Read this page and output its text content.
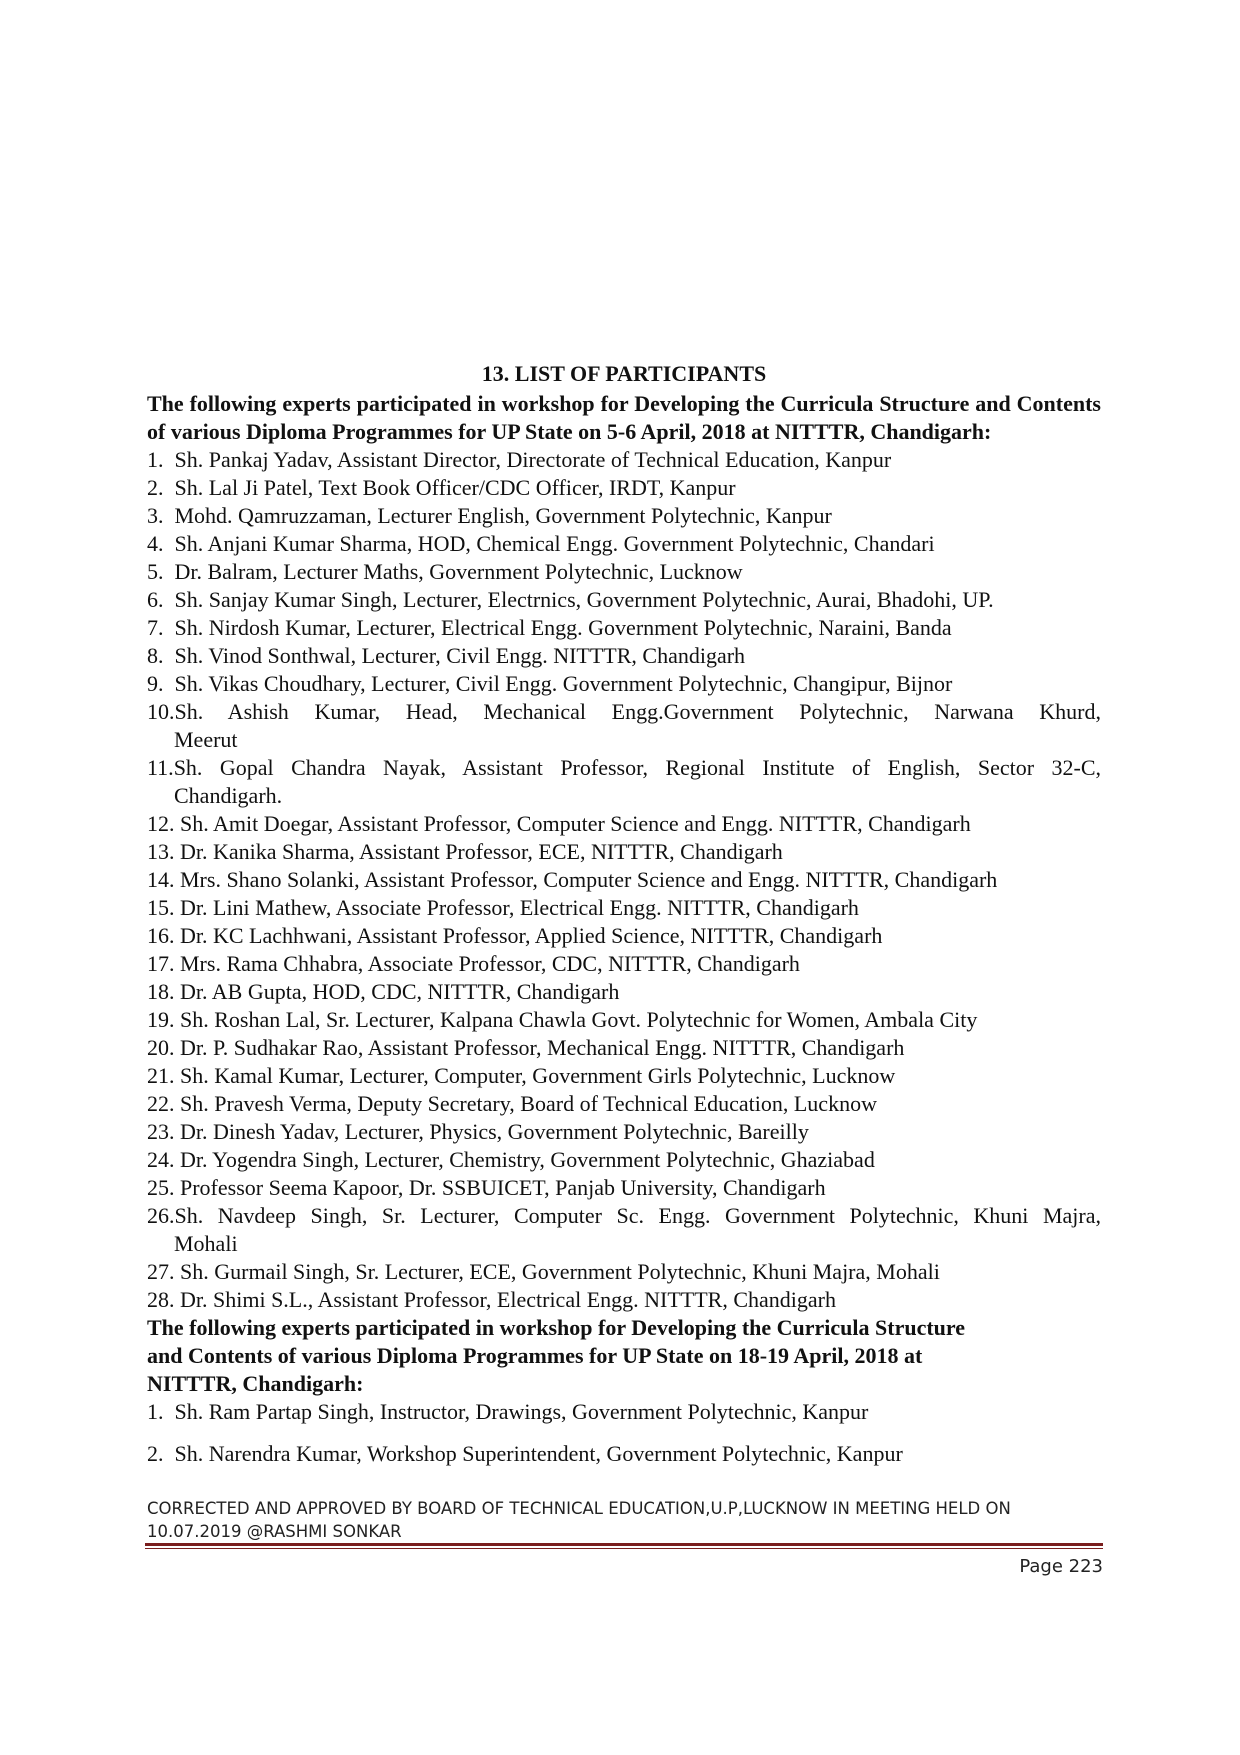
13. LIST OF PARTICIPANTS

The following experts participated in workshop for Developing the Curricula Structure and Contents of various Diploma Programmes for UP State on 5-6 April, 2018 at NITTTR, Chandigarh:

1. Sh. Pankaj Yadav, Assistant Director, Directorate of Technical Education, Kanpur
2. Sh. Lal Ji Patel, Text Book Officer/CDC Officer, IRDT, Kanpur
3. Mohd. Qamruzzaman, Lecturer English, Government Polytechnic, Kanpur
4. Sh. Anjani Kumar Sharma, HOD, Chemical Engg. Government Polytechnic, Chandari
5. Dr. Balram, Lecturer Maths, Government Polytechnic, Lucknow
6. Sh. Sanjay Kumar Singh, Lecturer, Electrnics, Government Polytechnic, Aurai, Bhadohi, UP.
7. Sh. Nirdosh Kumar, Lecturer, Electrical Engg. Government Polytechnic, Naraini, Banda
8. Sh. Vinod Sonthwal, Lecturer, Civil Engg. NITTTR, Chandigarh
9. Sh. Vikas Choudhary, Lecturer, Civil Engg. Government Polytechnic, Changipur, Bijnor
10. Sh. Ashish Kumar, Head, Mechanical Engg.Government Polytechnic, Narwana Khurd,
Meerut
11. Sh. Gopal Chandra Nayak, Assistant Professor, Regional Institute of English, Sector 32-C,
Chandigarh.
12. Sh. Amit Doegar, Assistant Professor, Computer Science and Engg. NITTTR, Chandigarh
13. Dr. Kanika Sharma, Assistant Professor, ECE, NITTTR, Chandigarh
14. Mrs. Shano Solanki, Assistant Professor, Computer Science and Engg. NITTTR, Chandigarh
15. Dr. Lini Mathew, Associate Professor, Electrical Engg. NITTTR, Chandigarh
16. Dr. KC Lachhwani, Assistant Professor, Applied Science, NITTTR, Chandigarh
17. Mrs. Rama Chhabra, Associate Professor, CDC, NITTTR, Chandigarh
18. Dr. AB Gupta, HOD, CDC, NITTTR, Chandigarh
19. Sh. Roshan Lal, Sr. Lecturer, Kalpana Chawla Govt. Polytechnic for Women, Ambala City
20. Dr. P. Sudhakar Rao, Assistant Professor, Mechanical Engg. NITTTR, Chandigarh
21. Sh. Kamal Kumar, Lecturer, Computer, Government Girls Polytechnic, Lucknow
22. Sh. Pravesh Verma, Deputy Secretary, Board of Technical Education, Lucknow
23. Dr. Dinesh Yadav, Lecturer, Physics, Government Polytechnic, Bareilly
24. Dr. Yogendra Singh, Lecturer, Chemistry, Government Polytechnic, Ghaziabad
25. Professor Seema Kapoor, Dr. SSBUICET, Panjab University, Chandigarh
26. Sh. Navdeep Singh, Sr. Lecturer, Computer Sc. Engg. Government Polytechnic, Khuni Majra,
Mohali
27. Sh. Gurmail Singh, Sr. Lecturer, ECE, Government Polytechnic, Khuni Majra, Mohali
28. Dr. Shimi S.L., Assistant Professor, Electrical Engg. NITTTR, Chandigarh

The following experts participated in workshop for Developing the Curricula Structure and Contents of various Diploma Programmes for UP State on 18-19 April, 2018 at NITTTR, Chandigarh:

1. Sh. Ram Partap Singh, Instructor, Drawings, Government Polytechnic, Kanpur
2. Sh. Narendra Kumar, Workshop Superintendent, Government Polytechnic, Kanpur
CORRECTED AND APPROVED BY BOARD OF TECHNICAL EDUCATION,U.P,LUCKNOW IN MEETING HELD ON
10.07.2019 @RASHMI SONKAR
Page 223
